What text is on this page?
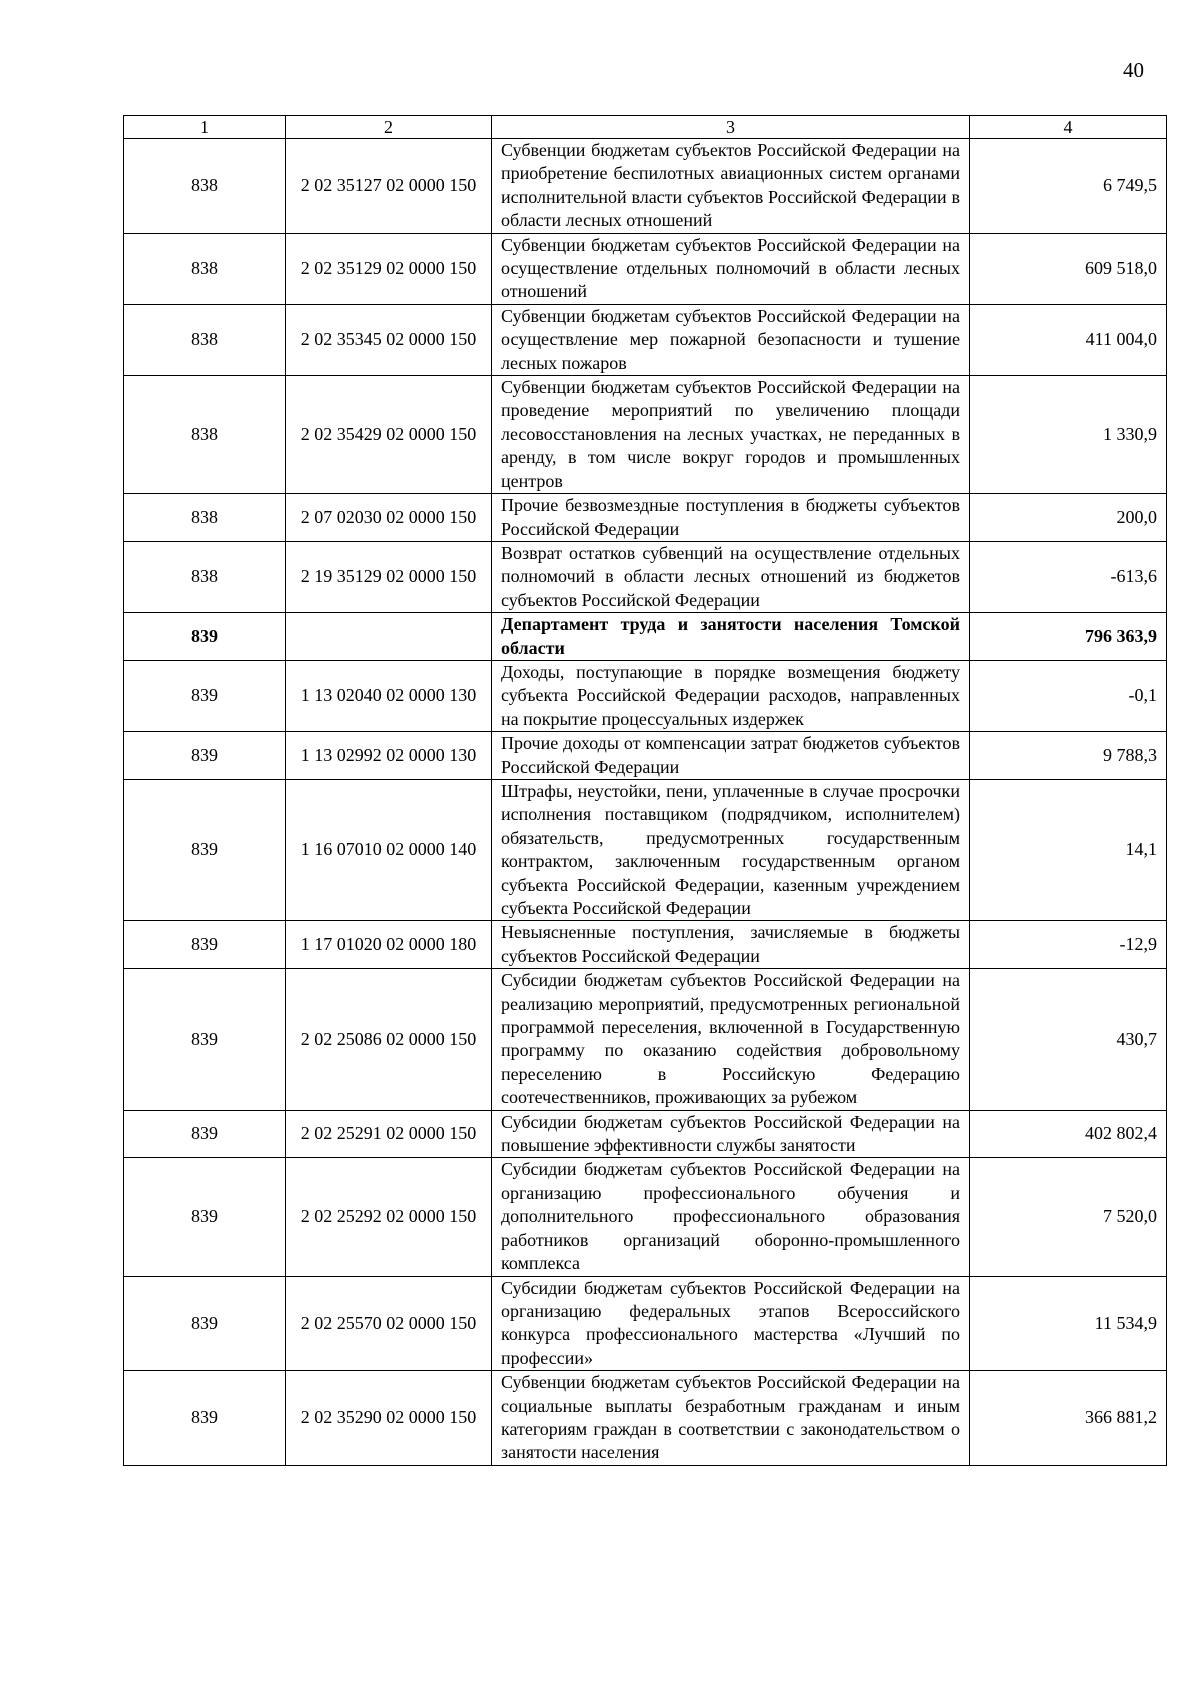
40
1	2	3	4
838	2 02 35127 02 0000 150	Субвенции бюджетам субъектов Российской Федерации на приобретение беспилотных авиационных систем органами исполнительной власти субъектов Российской Федерации в области лесных отношений	6 749,5
838	2 02 35129 02 0000 150	Субвенции бюджетам субъектов Российской Федерации на осуществление отдельных полномочий в области лесных отношений	609 518,0
838	2 02 35345 02 0000 150	Субвенции бюджетам субъектов Российской Федерации на осуществление мер пожарной безопасности и тушение лесных пожаров	411 004,0
838	2 02 35429 02 0000 150	Субвенции бюджетам субъектов Российской Федерации на проведение мероприятий по увеличению площади лесовосстановления на лесных участках, не переданных в аренду, в том числе вокруг городов и промышленных центров	1 330,9
838	2 07 02030 02 0000 150	Прочие безвозмездные поступления в бюджеты субъектов Российской Федерации	200,0
838	2 19 35129 02 0000 150	Возврат остатков субвенций на осуществление отдельных полномочий в области лесных отношений из бюджетов субъектов Российской Федерации	-613,6
839		Департамент труда и занятости населения Томской области	796 363,9
839	1 13 02040 02 0000 130	Доходы, поступающие в порядке возмещения бюджету субъекта Российской Федерации расходов, направленных на покрытие процессуальных издержек	-0,1
839	1 13 02992 02 0000 130	Прочие доходы от компенсации затрат бюджетов субъектов Российской Федерации	9 788,3
839	1 16 07010 02 0000 140	Штрафы, неустойки, пени, уплаченные в случае просрочки исполнения поставщиком (подрядчиком, исполнителем) обязательств, предусмотренных государственным контрактом, заключенным государственным органом субъекта Российской Федерации, казенным учреждением субъекта Российской Федерации	14,1
839	1 17 01020 02 0000 180	Невыясненные поступления, зачисляемые в бюджеты субъектов Российской Федерации	-12,9
839	2 02 25086 02 0000 150	Субсидии бюджетам субъектов Российской Федерации на реализацию мероприятий, предусмотренных региональной программой переселения, включенной в Государственную программу по оказанию содействия добровольному переселению в Российскую Федерацию соотечественников, проживающих за рубежом	430,7
839	2 02 25291 02 0000 150	Субсидии бюджетам субъектов Российской Федерации на повышение эффективности службы занятости	402 802,4
839	2 02 25292 02 0000 150	Субсидии бюджетам субъектов Российской Федерации на организацию профессионального обучения и дополнительного профессионального образования работников организаций оборонно-промышленного комплекса	7 520,0
839	2 02 25570 02 0000 150	Субсидии бюджетам субъектов Российской Федерации на организацию федеральных этапов Всероссийского конкурса профессионального мастерства «Лучший по профессии»	11 534,9
839	2 02 35290 02 0000 150	Субвенции бюджетам субъектов Российской Федерации на социальные выплаты безработным гражданам и иным категориям граждан в соответствии с законодательством о занятости населения	366 881,2
